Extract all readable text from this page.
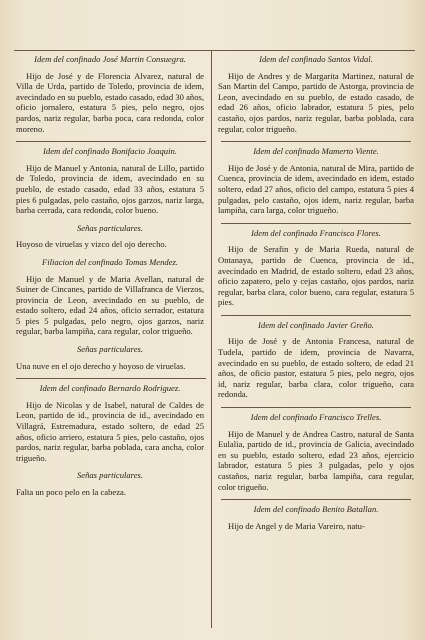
Idem del confinado José Martin Consuegra.

Hijo de José y de Florencia Alvarez, natural de Villa de Urda, partido de Toledo, provincia de idem, avecindado en su pueblo, estado casado, edad 30 años, oficio jornalero, estatura 5 pies, pelo negro, ojos pardos, nariz regular, barba poca, cara redonda, color moreno.

Idem del confinado Bonifacio Joaquin.

Hijo de Manuel y Antonia, natural de Lillo, partido de Toledo, provincia de idem, avecindado en su pueblo, de estado casado, edad 33 años, estatura 5 pies 6 pulgadas, pelo castaño, ojos garzos, nariz larga, barba cerrada, cara redonda, color bueno.

Señas particulares.

Hoyoso de viruelas y vizco del ojo derecho.

Filiacion del confinado Tomas Mendez.

Hijo de Manuel y de Maria Avellan, natural de Suiner de Cincanes, partido de Villafranca de Vierzos, provincia de Leon, avecindado en su pueblo, de estado soltero, edad 24 años, oficio serrador, estatura 5 pies 5 pulgadas, pelo negro, ojos garzos, nariz regular, barba lampiña, cara regular, color trigueño.

Señas particulares.

Una nuve en el ojo derecho y hoyoso de viruelas.

Idem del confinado Bernardo Rodriguez.

Hijo de Nicolas y de Isabel, natural de Caldes de Leon, partido de id., provincia de id., avecindado en Villagrá, Estremadura, estado soltero, de edad 25 años, oficio arriero, estatura 5 pies, pelo castaño, ojos pardos, nariz regular, barba poblada, cara ancha, color trigueño.

Señas particulares.

Falta un poco pelo en la cabeza.

Idem del confinado Santos Vidal.

Hijo de Andres y de Margarita Martinez, natural de San Martin del Campo, partido de Astorga, provincia de Leon, avecindado en su pueblo, de estado casado, de edad 26 años, oficio labrador, estatura 5 pies, pelo castaño, ojos pardos, nariz regular, barba poblada, cara regular, color trigueño.

Idem del confinado Mamerto Viente.

Hijo de José y de Antonia, natural de Mira, partido de Cuenca, provincia de idem, avecindado en idem, estado soltero, edad 27 años, oficio del campo, estatura 5 pies 4 pulgadas, pelo castaño, ojos idem, nariz regular, barba lampiña, cara larga, color trigueño.

Idem del confinado Francisco Flores.

Hijo de Serafin y de Maria Rueda, natural de Ontanaya, partido de Cuenca, provincia de id., avecindado en Madrid, de estado soltero, edad 23 años, oficio zapatero, pelo y cejas castaño, ojos pardos, nariz regular, barba clara, color bueno, cara regular, estatura 5 pies.

Idem del confinado Javier Greño.

Hijo de José y de Antonia Francesa, natural de Tudela, partido de idem, provincia de Navarra, avecindado en su pueblo, de estado soltero, de edad 21 años, de oficio pastor, estatura 5 pies, pelo negro, ojos id, nariz regular, barba clara, color trigueño, cara redonda.

Idem del confinado Francisco Trelles.

Hijo de Manuel y de Andrea Castro, natural de Santa Eulalia, partido de id., provincia de Galicia, avecindado en su pueblo, estado soltero, edad 23 años, ejercicio labrador, estatura 5 pies 3 pulgadas, pelo y ojos castaños, nariz regular, barba lampiña, cara regular, color trigueño.

Idem del confinado Benito Batallan.

Hijo de Angel y de Maria Vareiro, natu-
